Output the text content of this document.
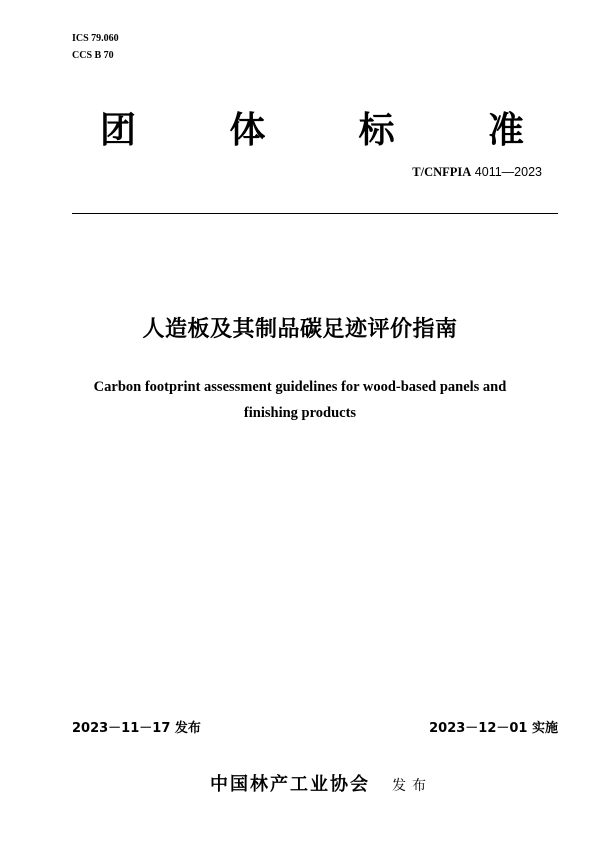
ICS 79.060
CCS B 70
团	体	标	准
T/CNFPIA 4011—2023
人造板及其制品碳足迹评价指南
Carbon footprint assessment guidelines for wood-based panels and
finishing products
2023－11－17 发布	2023－12－01 实施
中国林产工业协会 发布
